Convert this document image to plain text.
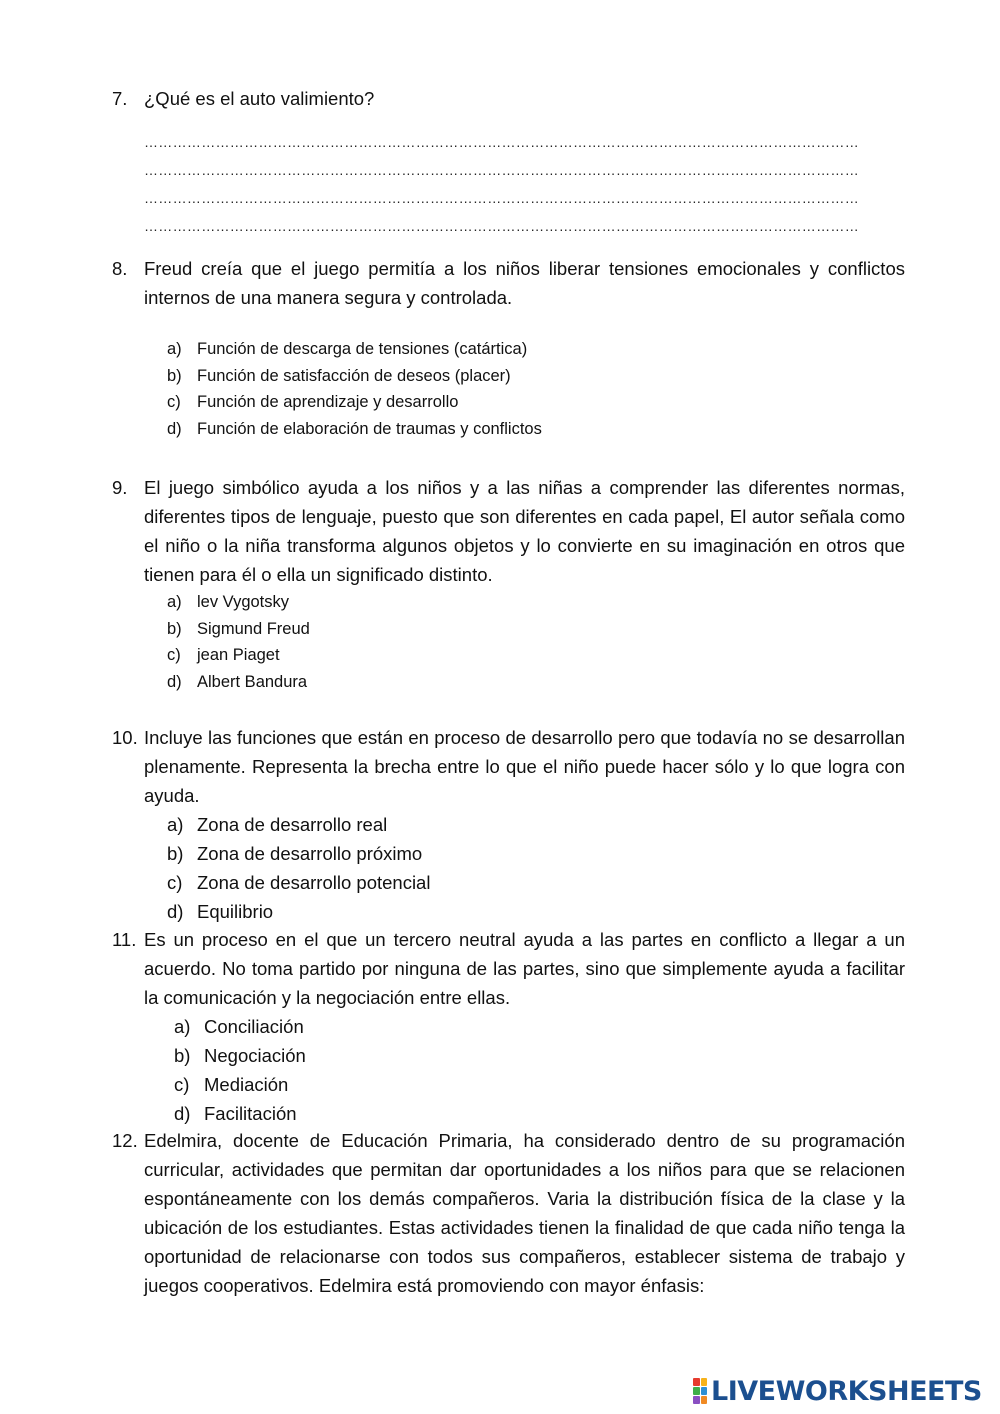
7. ¿Qué es el auto valimiento?
……………………………………………………………………………………………………………………………………
……………………………………………………………………………………………………………………………………
……………………………………………………………………………………………………………………………………
……………………………………………………………………………………………………………………………………
8. Freud creía que el juego permitía a los niños liberar tensiones emocionales y conflictos internos de una manera segura y controlada.
a) Función de descarga de tensiones (catártica)
b) Función de satisfacción de deseos (placer)
c) Función de aprendizaje y desarrollo
d) Función de elaboración de traumas y conflictos
9. El juego simbólico ayuda a los niños y a las niñas a comprender las diferentes normas, diferentes tipos de lenguaje, puesto que son diferentes en cada papel, El autor señala como el niño o la niña transforma algunos objetos y lo convierte en su imaginación en otros que tienen para él o ella un significado distinto.
a) lev Vygotsky
b) Sigmund Freud
c) jean Piaget
d) Albert Bandura
10. Incluye las funciones que están en proceso de desarrollo pero que todavía no se desarrollan plenamente. Representa la brecha entre lo que el niño puede hacer sólo y lo que logra con ayuda.
a) Zona de desarrollo real
b) Zona de desarrollo próximo
c) Zona de desarrollo potencial
d) Equilibrio
11. Es un proceso en el que un tercero neutral ayuda a las partes en conflicto a llegar a un acuerdo. No toma partido por ninguna de las partes, sino que simplemente ayuda a facilitar la comunicación y la negociación entre ellas.
a) Conciliación
b) Negociación
c) Mediación
d) Facilitación
12. Edelmira, docente de Educación Primaria, ha considerado dentro de su programación curricular, actividades que permitan dar oportunidades a los niños para que se relacionen espontáneamente con los demás compañeros. Varia la distribución física de la clase y la ubicación de los estudiantes. Estas actividades tienen la finalidad de que cada niño tenga la oportunidad de relacionarse con todos sus compañeros, establecer sistema de trabajo y juegos cooperativos. Edelmira está promoviendo con mayor énfasis:
LIVEWORKSHEETS
